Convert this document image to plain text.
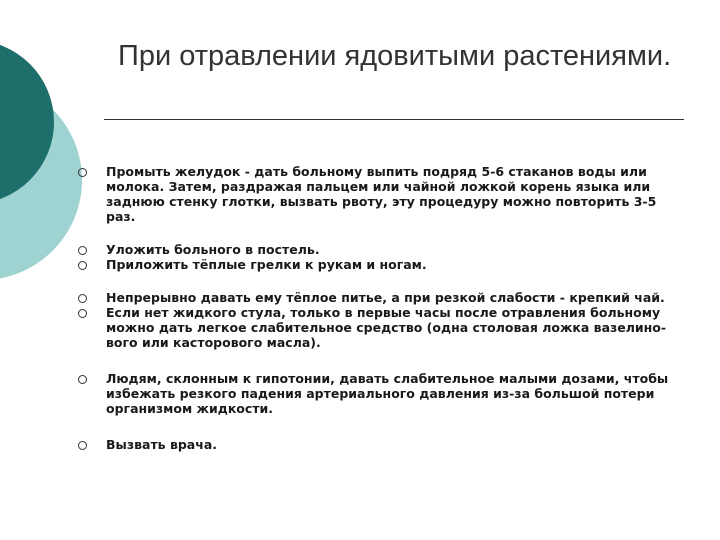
При отравлении ядовитыми растениями.
Промыть желудок - дать больному выпить подряд 5-6 стаканов воды или молока. Затем, раздражая пальцем или чайной ложкой корень языка или заднюю стенку глотки, вызвать рвоту, эту процедуру можно повторить 3-5 раз.
Уложить больного в постель.
Приложить тёплые грелки к рукам и ногам.
Непрерывно давать ему тёплое питье, а при резкой слабости - крепкий чай.
Если нет жидкого стула, только в первые часы после отравления больному можно дать легкое слабительное средство (одна столовая ложка вазелино-вого или касторового масла).
Людям, склонным к гипотонии, давать слабительное малыми дозами, чтобы избежать резкого падения артериального давления из-за большой потери организмом жидкости.
Вызвать врача.
